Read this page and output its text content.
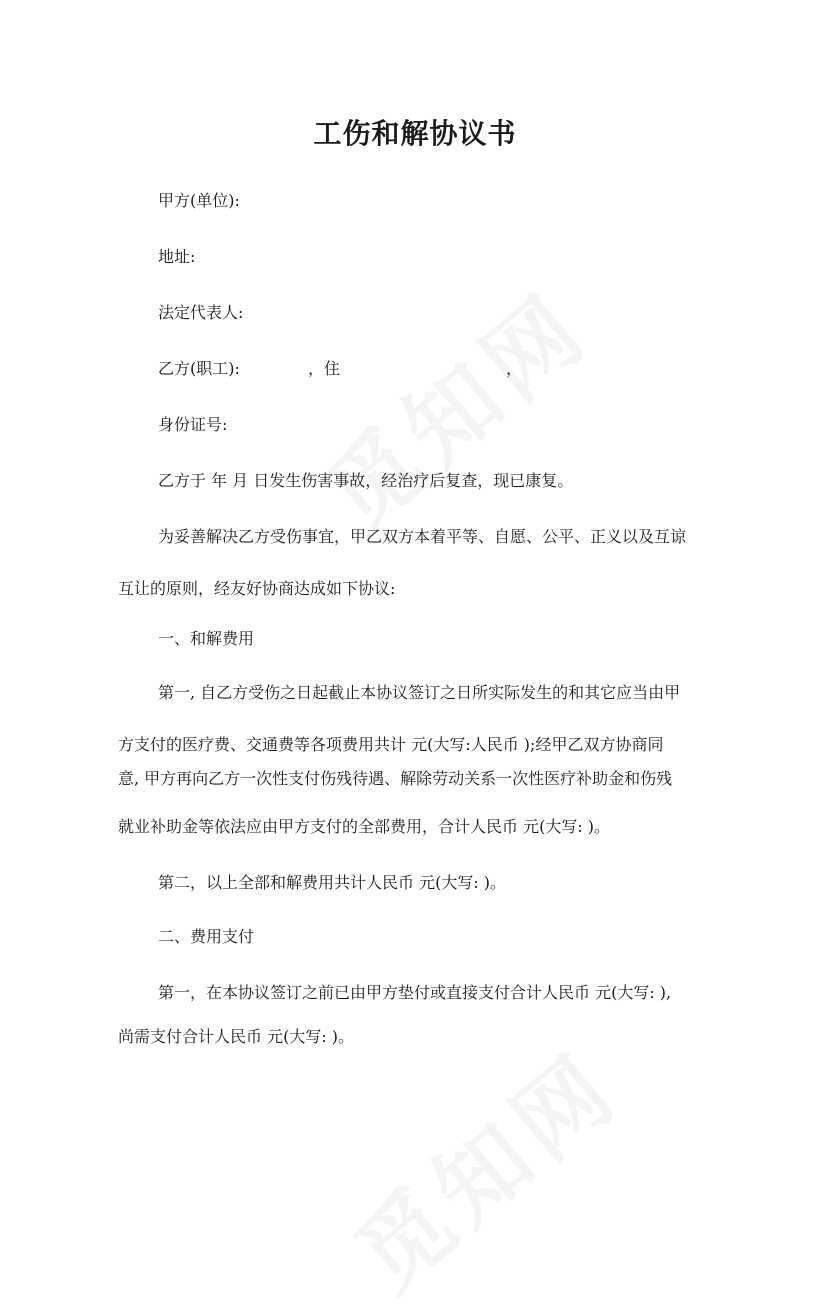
工伤和解协议书
甲方(单位):
地址:
法定代表人:
乙方(职工):	，住	，
身份证号:
乙方于 年 月 日发生伤害事故，经治疗后复查，现已康复。
为妥善解决乙方受伤事宜，甲乙双方本着平等、自愿、公平、正义以及互谅
互让的原则，经友好协商达成如下协议:
一、和解费用
第一, 自乙方受伤之日起截止本协议签订之日所实际发生的和其它应当由甲
方支付的医疗费、交通费等各项费用共计 元(大写:人民币 );经甲乙双方协商同
意, 甲方再向乙方一次性支付伤残待遇、解除劳动关系一次性医疗补助金和伤残
就业补助金等依法应由甲方支付的全部费用，合计人民币 元(大写: )。
第二，以上全部和解费用共计人民币 元(大写: )。
二、费用支付
第一，在本协议签订之前已由甲方垫付或直接支付合计人民币 元(大写: ),
尚需支付合计人民币 元(大写: )。
